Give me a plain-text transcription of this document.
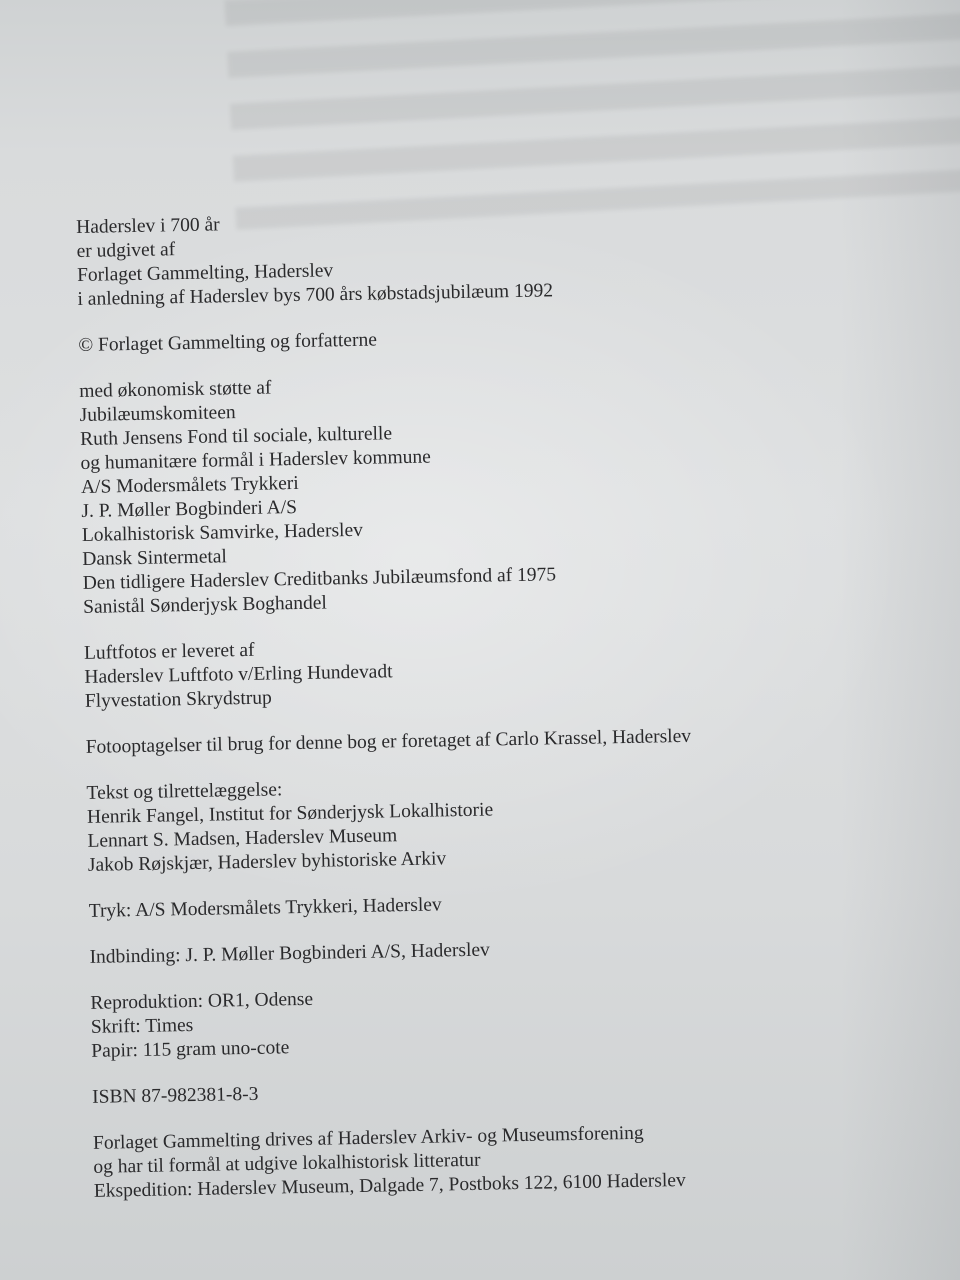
Haderslev i 700 år
er udgivet af
Forlaget Gammelting, Haderslev
i anledning af Haderslev bys 700 års købstadsjubilæum 1992
© Forlaget Gammelting og forfatterne
med økonomisk støtte af
Jubilæumskomiteen
Ruth Jensens Fond til sociale, kulturelle
og humanitære formål i Haderslev kommune
A/S Modersmålets Trykkeri
J. P. Møller Bogbinderi A/S
Lokalhistorisk Samvirke, Haderslev
Dansk Sintermetal
Den tidligere Haderslev Creditbanks Jubilæumsfond af 1975
Sanistål Sønderjysk Boghandel
Luftfotos er leveret af
Haderslev Luftfoto v/Erling Hundevadt
Flyvestation Skrydstrup
Fotooptagelser til brug for denne bog er foretaget af Carlo Krassel, Haderslev
Tekst og tilrettelæggelse:
Henrik Fangel, Institut for Sønderjysk Lokalhistorie
Lennart S. Madsen, Haderslev Museum
Jakob Røjskjær, Haderslev byhistoriske Arkiv
Tryk: A/S Modersmålets Trykkeri, Haderslev
Indbinding: J. P. Møller Bogbinderi A/S, Haderslev
Reproduktion: OR1, Odense
Skrift: Times
Papir: 115 gram uno-cote
ISBN 87-982381-8-3
Forlaget Gammelting drives af Haderslev Arkiv- og Museumsforening
og har til formål at udgive lokalhistorisk litteratur
Ekspedition: Haderslev Museum, Dalgade 7, Postboks 122, 6100 Haderslev
